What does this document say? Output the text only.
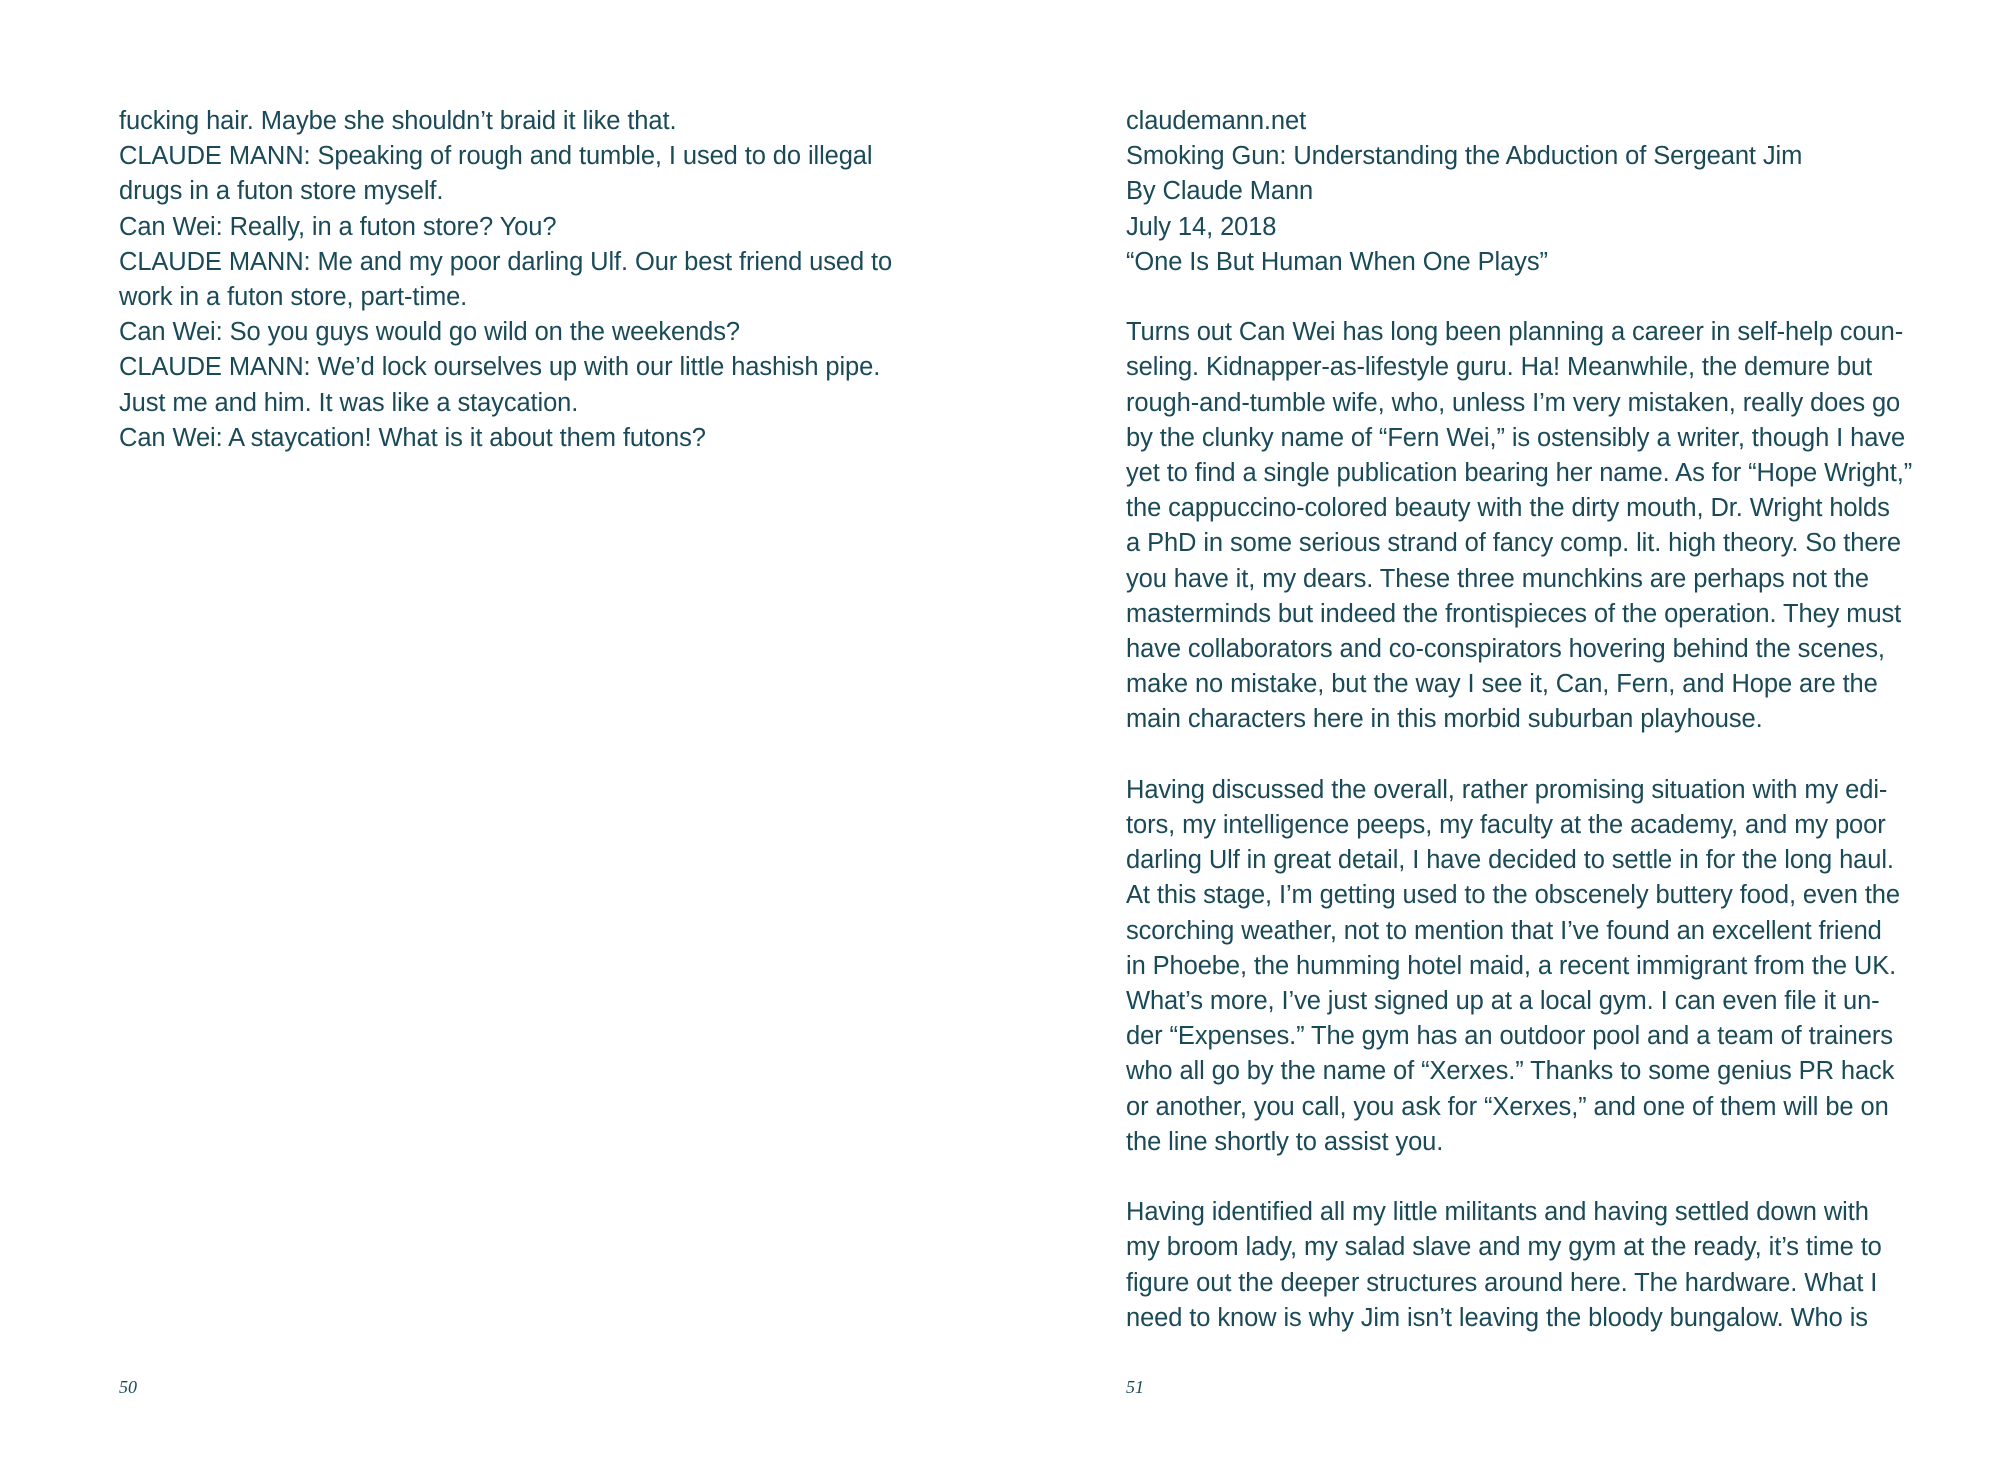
fucking hair. Maybe she shouldn’t braid it like that.
CLAUDE MANN: Speaking of rough and tumble, I used to do illegal
drugs in a futon store myself.
Can Wei: Really, in a futon store? You?
CLAUDE MANN: Me and my poor darling Ulf. Our best friend used to
work in a futon store, part-time.
Can Wei: So you guys would go wild on the weekends?
CLAUDE MANN: We’d lock ourselves up with our little hashish pipe.
Just me and him. It was like a staycation.
Can Wei: A staycation! What is it about them futons?
50
claudemann.net
Smoking Gun: Understanding the Abduction of Sergeant Jim
By Claude Mann
July 14, 2018
“One Is But Human When One Plays”
Turns out Can Wei has long been planning a career in self-help coun-
seling. Kidnapper-as-lifestyle guru. Ha! Meanwhile, the demure but
rough-and-tumble wife, who, unless I’m very mistaken, really does go
by the clunky name of “Fern Wei,” is ostensibly a writer, though I have
yet to find a single publication bearing her name. As for “Hope Wright,”
the cappuccino-colored beauty with the dirty mouth, Dr. Wright holds
a PhD in some serious strand of fancy comp. lit. high theory. So there
you have it, my dears. These three munchkins are perhaps not the
masterminds but indeed the frontispieces of the operation. They must
have collaborators and co-conspirators hovering behind the scenes,
make no mistake, but the way I see it, Can, Fern, and Hope are the
main characters here in this morbid suburban playhouse.
Having discussed the overall, rather promising situation with my edi-
tors, my intelligence peeps, my faculty at the academy, and my poor
darling Ulf in great detail, I have decided to settle in for the long haul.
At this stage, I’m getting used to the obscenely buttery food, even the
scorching weather, not to mention that I’ve found an excellent friend
in Phoebe, the humming hotel maid, a recent immigrant from the UK.
What’s more, I’ve just signed up at a local gym. I can even file it un-
der “Expenses.” The gym has an outdoor pool and a team of trainers
who all go by the name of “Xerxes.” Thanks to some genius PR hack
or another, you call, you ask for “Xerxes,” and one of them will be on
the line shortly to assist you.
Having identified all my little militants and having settled down with
my broom lady, my salad slave and my gym at the ready, it’s time to
figure out the deeper structures around here. The hardware. What I
need to know is why Jim isn’t leaving the bloody bungalow. Who is
51
